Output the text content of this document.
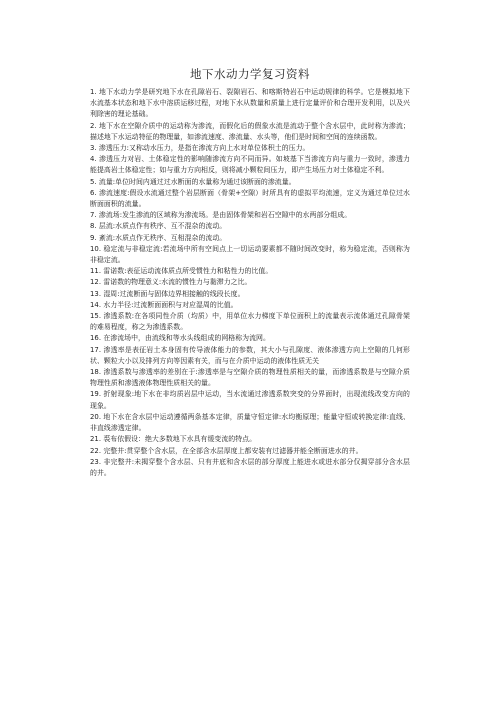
地下水动力学复习资料

1. 地下水动力学是研究地下水在孔隙岩石、裂隙岩石、和喀斯特岩石中运动规律的科学。它是模拟地下水流基本状态和地下水中溶质运移过程，对地下水从数量和质量上进行定量评价和合理开发利用，以及兴利除害的理论基础。

2. 地下水在空隙介质中的运动称为渗流，而假化后的假象水流是流动于整个含水层中，此时称为渗流；描述地下水运动特征的物理量，如渗流速度、渗流量、水头等，他们是时间和空间的连续函数。

3. 渗透压力:又称动水压力，是指在渗流方向上水对单位体积土的压力。

4. 渗透压力对岩、土体稳定性的影响随渗流方向不同而异。如坡基下当渗流方向与重力一致时，渗透力能提高岩土体稳定性；如与重力方向相反，则将减小颗粒间压力，即产生场压力对土体稳定不利。

5. 流量:单位时间内通过过水断面的水量称为通过该断面的渗流量。

6. 渗流速度:假设水流通过整个岩层断面（骨架+空隙）时所具有的虚拟平均流速，定义为通过单位过水断面面积的流量。

7. 渗流场:发生渗流的区域称为渗流场。是由固体骨架和岩石空隙中的水两部分组成。

8. 层流:水质点作有秩序、互不混杂的流动。

9. 紊流:水质点作无秩序、互相混杂的流动。

10. 稳定流与非稳定流:若流场中所有空间点上一切运动要素都不随时间改变时，称为稳定流，否则称为非稳定流。

11. 雷诺数:表征运动流体质点所受惯性力和粘性力的比值。

12. 雷诺数的物理意义:水流的惯性力与黏滞力之比。

13. 湿周:过流断面与固体边界相接触的线段长度。

14. 水力半径:过流断面面积与对应湿周的比值。

15. 渗透系数:在各项同性介质（均质）中，用单位水力梯度下单位面积上的流量表示流体通过孔隙骨架的难易程度，称之为渗透系数。

16. 在渗流场中，由流线和等水头线组成的网格称为流网。

17. 渗透率是表征岩土本身固有传导液体能力的参数，其大小与孔隙度、液体渗透方向上空隙的几何形状、颗粒大小以及排列方向等因素有关，而与在介质中运动的液体性质无关

18. 渗透系数与渗透率的差别在于:渗透率是与空隙介质的物理性质相关的量，而渗透系数是与空隙介质物理性质和渗透液体物理性质相关的量。

19. 折射现象:地下水在非均质岩层中运动，当水流通过渗透系数突变的分界面时，出现流线改变方向的现象。

20. 地下水在含水层中运动遵循两条基本定律，质量守恒定律:水均衡原理；能量守恒或转换定律:直线、非直线渗透定律。

21. 裘布依假设：绝大多数地下水具有缓变流的特点。

22. 完整井:贯穿整个含水层，在全部含水层厚度上都安装有过滤器并能全断面进水的井。

23. 非完整井:未揭穿整个含水层、只有井底和含水层的部分厚度上能进水或进水部分仅揭穿部分含水层的井。
